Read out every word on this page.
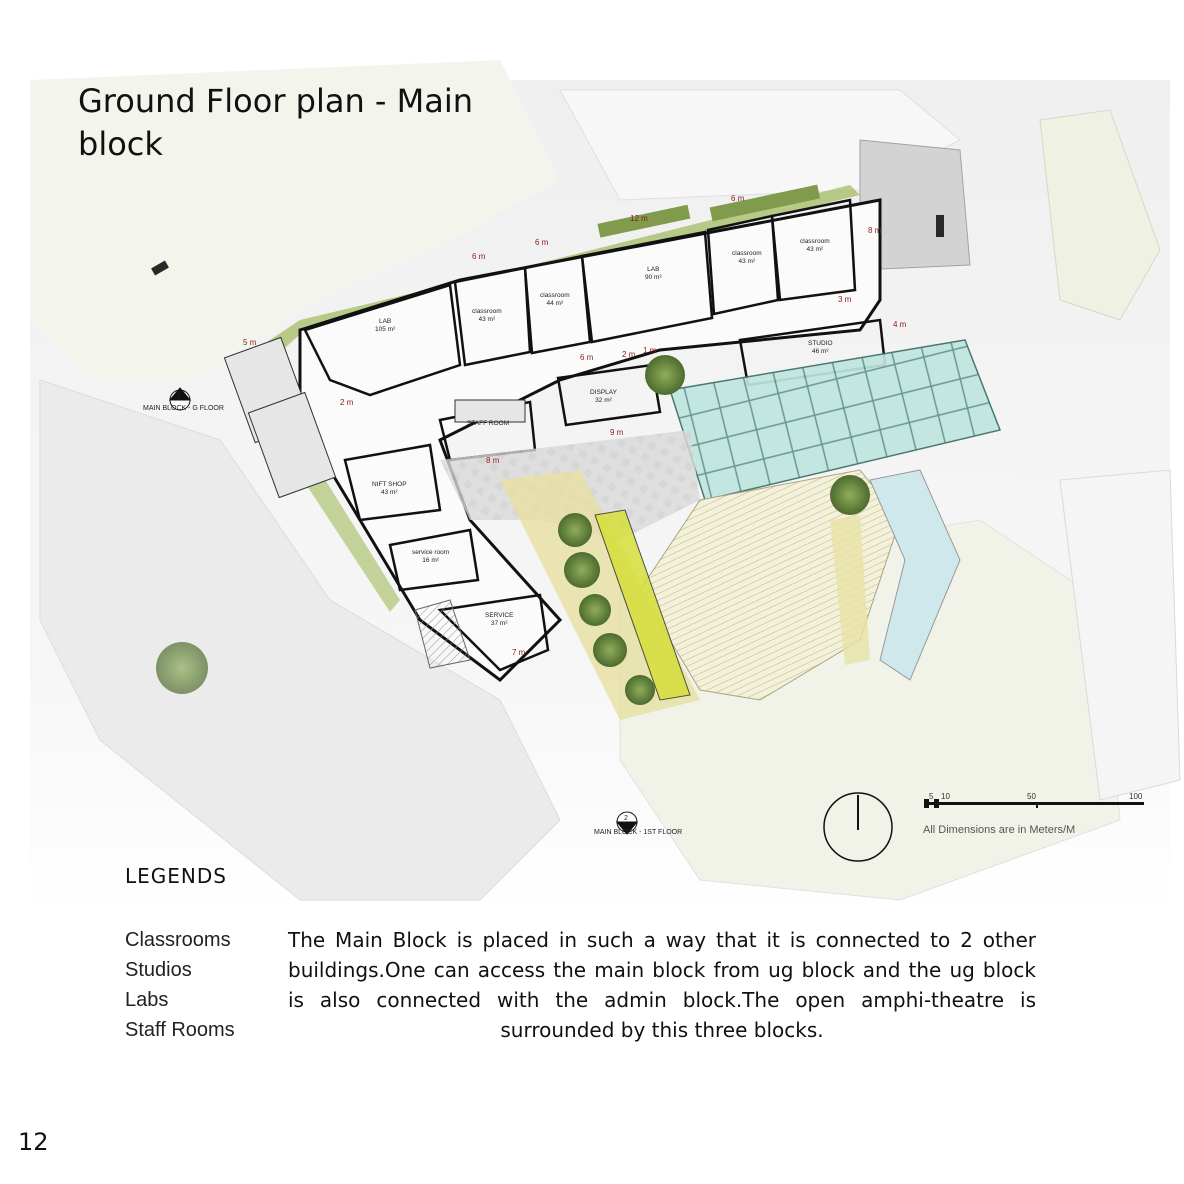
Ground Floor plan - Main block
LAB
105 m²
classroom
43 m²
classroom
44 m²
LAB
90 m²
classroom
43 m²
classroom
43 m²
STUDIO
46 m²
DISPLAY
32 m²
STAFF ROOM
NIFT SHOP
43 m²
service room
16 m²
SERVICE
37 m²
6 m
6 m
12 m
6 m
8 m
3 m
4 m
6 m	2 m 1 m
9 m
8 m
7 m
5 m
2 m
2
MAIN BLOCK - G FLOOR
2
MAIN BLOCK - 1ST FLOOR
5 10	50	100
All Dimensions are in Meters/M
LEGENDS
Classrooms
Studios
Labs
Staff Rooms
The Main Block is placed in such a way that it is connected to 2 other buildings.One can access the main block from ug block and the ug block is also connected with the admin block.The open amphi-theatre is surrounded by this three blocks.
12
